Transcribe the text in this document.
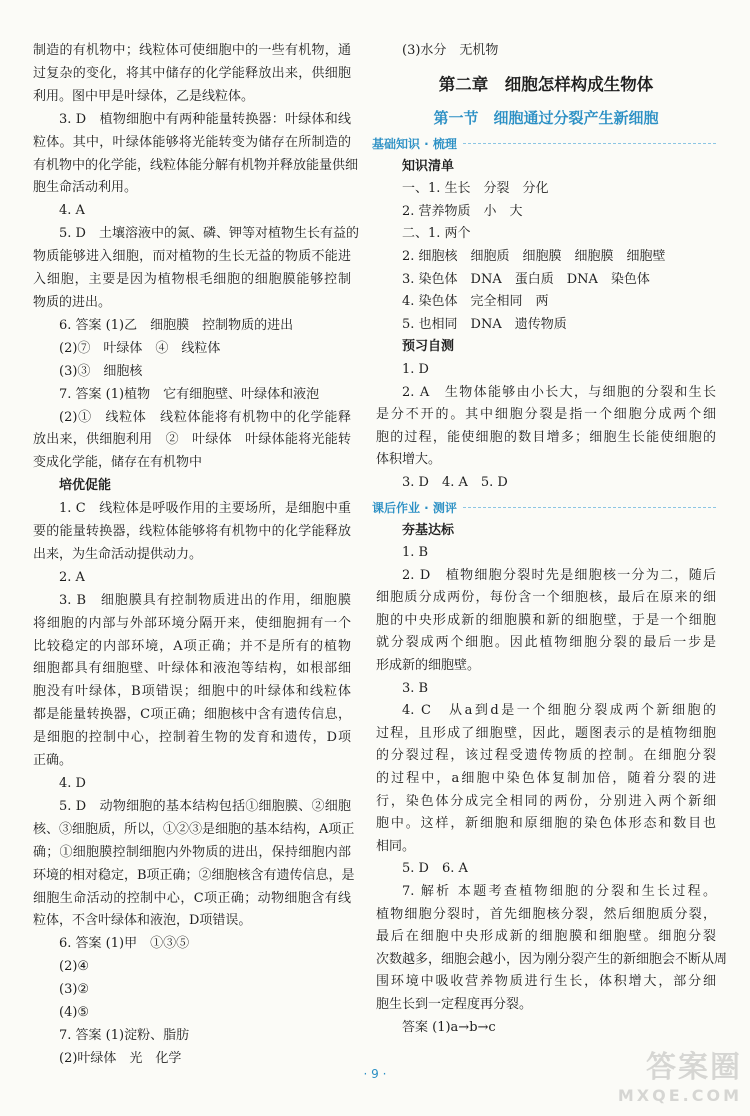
制造的有机物中；线粒体可使细胞中的一些有机物，通

过复杂的变化，将其中储存的化学能释放出来，供细胞

利用。图中甲是叶绿体，乙是线粒体。

3. D　植物细胞中有两种能量转换器：叶绿体和线

粒体。其中，叶绿体能够将光能转变为储存在所制造的

有机物中的化学能，线粒体能分解有机物并释放能量供细

胞生命活动利用。

4. A

5. D　土壤溶液中的氮、磷、钾等对植物生长有益的

物质能够进入细胞，而对植物的生长无益的物质不能进

入细胞，主要是因为植物根毛细胞的细胞膜能够控制

物质的进出。

6. 答案 (1)乙　细胞膜　控制物质的进出

(2)⑦　叶绿体　④　线粒体

(3)③　细胞核

7. 答案 (1)植物　它有细胞壁、叶绿体和液泡

(2)①　线粒体　线粒体能将有机物中的化学能释

放出来，供细胞利用　②　叶绿体　叶绿体能将光能转

变成化学能，储存在有机物中

培优促能

1. C　线粒体是呼吸作用的主要场所，是细胞中重

要的能量转换器，线粒体能够将有机物中的化学能释放

出来，为生命活动提供动力。

2. A

3. B　细胞膜具有控制物质进出的作用，细胞膜

将细胞的内部与外部环境分隔开来，使细胞拥有一个

比较稳定的内部环境，A项正确；并不是所有的植物

细胞都具有细胞壁、叶绿体和液泡等结构，如根部细

胞没有叶绿体，B项错误；细胞中的叶绿体和线粒体

都是能量转换器，C项正确；细胞核中含有遗传信息，

是细胞的控制中心，控制着生物的发育和遗传，D项

正确。

4. D

5. D　动物细胞的基本结构包括①细胞膜、②细胞

核、③细胞质，所以，①②③是细胞的基本结构，A项正

确；①细胞膜控制细胞内外物质的进出，保持细胞内部

环境的相对稳定，B项正确；②细胞核含有遗传信息，是

细胞生命活动的控制中心，C项正确；动物细胞含有线

粒体，不含叶绿体和液泡，D项错误。

6. 答案 (1)甲　①③⑤

(2)④

(3)②

(4)⑤

7. 答案 (1)淀粉、脂肪

(2)叶绿体　光　化学

(3)水分　无机物

第二章　细胞怎样构成生物体
第一节　细胞通过分裂产生新细胞
基础知识 · 梳理

知识清单

一、1. 生长　分裂　分化

2. 营养物质　小　大

二、1. 两个

2. 细胞核　细胞质　细胞膜　细胞膜　细胞壁

3. 染色体　DNA　蛋白质　DNA　染色体

4. 染色体　完全相同　两

5. 也相同　DNA　遗传物质

预习自测

1. D

2. A　生物体能够由小长大，与细胞的分裂和生长

是分不开的。其中细胞分裂是指一个细胞分成两个细

胞的过程，能使细胞的数目增多；细胞生长能使细胞的

体积增大。

3. D　4. A　5. D

课后作业 · 测评

夯基达标

1. B

2. D　植物细胞分裂时先是细胞核一分为二，随后

细胞质分成两份，每份含一个细胞核，最后在原来的细

胞的中央形成新的细胞膜和新的细胞壁，于是一个细胞

就分裂成两个细胞。因此植物细胞分裂的最后一步是

形成新的细胞壁。

3. B

4. C　从a到d是一个细胞分裂成两个新细胞的

过程，且形成了细胞壁，因此，题图表示的是植物细胞

的分裂过程，该过程受遗传物质的控制。在细胞分裂

的过程中，a细胞中染色体复制加倍，随着分裂的进

行，染色体分成完全相同的两份，分别进入两个新细

胞中。这样，新细胞和原细胞的染色体形态和数目也

相同。

5. D　6. A

7. 解析 本题考查植物细胞的分裂和生长过程。

植物细胞分裂时，首先细胞核分裂，然后细胞质分裂，

最后在细胞中央形成新的细胞膜和细胞壁。细胞分裂

次数越多，细胞会越小，因为刚分裂产生的新细胞会不断从周

围环境中吸收营养物质进行生长，体积增大，部分细

胞生长到一定程度再分裂。

答案 (1)a→b→c

· 9 ·	答案圈
MXQE.COM
